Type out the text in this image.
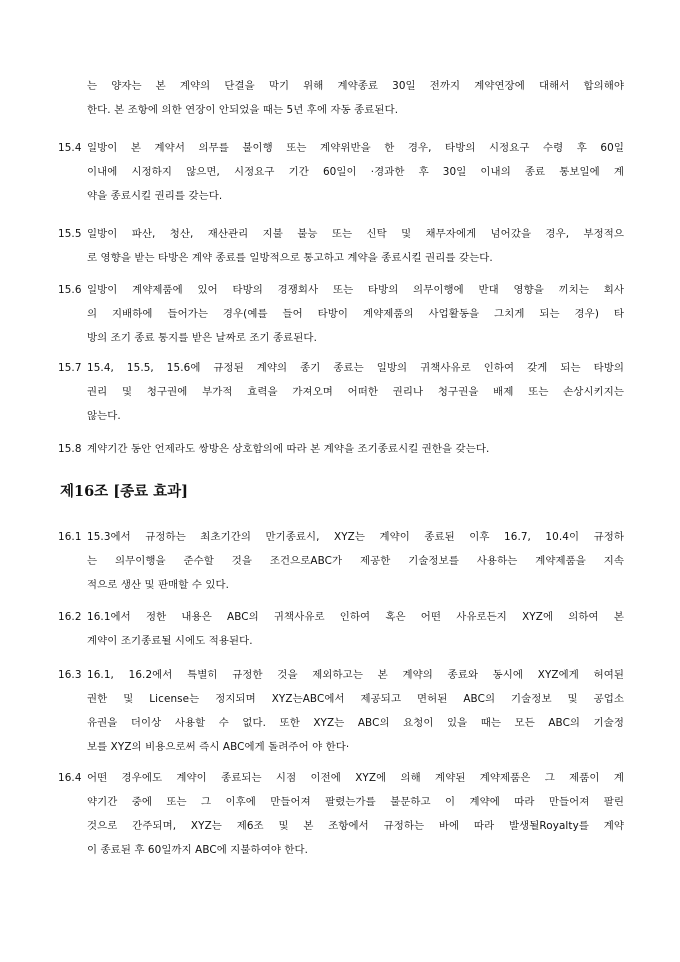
는 양자는 본 계약의 단결을 막기 위해 계약종료 30일 전까지 계약연장에 대해서 합의해야
한다. 본 조항에 의한 연장이 안되었을 때는 5년 후에 자동 종료된다.
15.4 일방이 본 계약서 의무를 불이행 또는 계약위반을 한 경우, 타방의 시정요구 수령 후 60일
이내에 시정하지 않으면, 시정요구 기간 60일이 ·경과한 후 30일 이내의 종료 통보일에 계
약을 종료시킬 권리를 갖는다.
15.5 일방이 파산, 청산, 재산관리 지불 불능 또는 신탁 및 채무자에게 넘어갔을 경우, 부정적으
로 영향을 받는 타방은 계약 종료를 일방적으로 통고하고 계약을 종료시킬 권리를 갖는다.
15.6 일방이 계약제품에 있어 타방의 경쟁회사 또는 타방의 의무이행에 반대 영향을 끼치는 회사
의 지배하에 들어가는 경우(예를 들어 타방이 계약제품의 사업활동을 그치게 되는 경우) 타
방의 조기 종료 통지를 받은 날짜로 조기 종료된다.
15.7 15.4, 15.5, 15.6에 규정된 계약의 종기 종료는 일방의 귀책사유로 인하여 갖게 되는 타방의
권리 및 청구권에 부가적 효력을 가져오며 어떠한 권리나 청구권을 배제 또는 손상시키지는
않는다.
15.8 계약기간 동안 언제라도 쌍방은 상호합의에 따라 본 계약을 조기종료시킬 권한을 갖는다.
제16조 [종료 효과]
16.1 15.3에서 규정하는 최초기간의 만기종료시, XYZ는 계약이 종료된 이후 16.7, 10.4이 규정하
는 의무이행을 준수할 것을 조건으로ABC가 제공한 기술정보를 사용하는 계약제품을 지속
적으로 생산 및 판매할 수 있다.
16.2 16.1에서 정한 내용은 ABC의 귀책사유로 인하여 혹은 어떤 사유로든지 XYZ에 의하여 본
계약이 조기종료될 시에도 적용된다.
16.3 16.1, 16.2에서 특별히 규정한 것을 제외하고는 본 계약의 종료와 동시에 XYZ에게 허여된
권한 및 License는 정지되며 XYZ는ABC에서 제공되고 면허된 ABC의 기술정보 및 공업소
유권을 더이상 사용할 수 없다. 또한 XYZ는 ABC의 요청이 있을 때는 모든 ABC의 기술정
보를 XYZ의 비용으로써 즉시 ABC에게 돌려주어 야 한다·
16.4 어떤 경우에도 계약이 종료되는 시점 이전에 XYZ에 의해 계약된 계약제품은 그 제품이 계
약기간 중에 또는 그 이후에 만들어져 팔렸는가를 불문하고 이 계약에 따라 만들어져 팔린
것으로 간주되며, XYZ는 제6조 및 본 조항에서 규정하는 바에 따라 발생될Royalty를 계약
이 종료된 후 60일까지 ABC에 지불하여야 한다.
